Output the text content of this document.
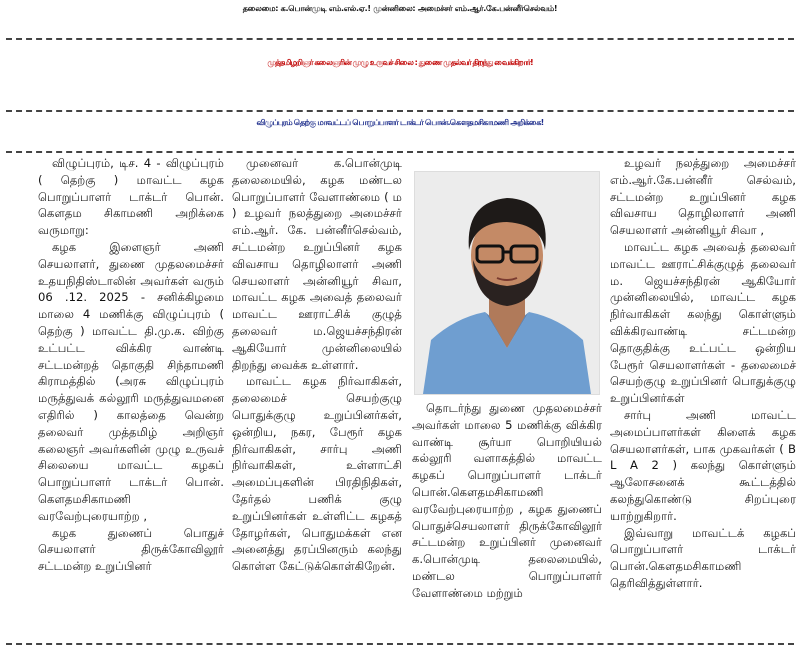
தலைமை: க.பொன்முடி எம்.எல்.ஏ.! முன்னிலை: அமைச்சர் எம்.ஆர்.கே.பன்னீர்செல்வம்!
முத்தமிழறிஞர் கலைஞரின் முழு உருவச் சிலை : துணை முதல்வர் திறந்து வைக்கிறார்!
விழுப்புரம் தெற்கு மாவட்டப் பொறுப்பாளர் டாக்டர் பொன்.கௌதமசிகாமணி அறிக்கை!

விழுப்புரம், டிச. 4 - விழுப்புரம் ( தெற்கு ) மாவட்ட கழக பொறுப்பாளர் டாக்டர் பொன். கௌதம சிகாமணி அறிக்கை வருமாறு:

கழக இளைஞர் அணி செயலாளர், துணை முதலமைச்சர் உதயநிதிஸ்டாலின் அவர்கள் வரும் 06 .12. 2025 - சனிக்கிழமை மாலை 4 மணிக்கு விழுப்புரம் ( தெற்கு ) மாவட்ட தி.மு.க. விற்கு உட்பட்ட விக்கிர வாண்டி சட்டமன்றத் தொகுதி சிந்தாமணி கிராமத்தில் (அரசு விழுப்புரம் மருத்துவக் கல்லூரி மருத்துவமனை எதிரில் ) காலத்தை வென்ற தலைவர் முத்தமிழ் அறிஞர் கலைஞர் அவர்களின் முழு உருவச் சிலையை மாவட்ட கழகப் பொறுப்பாளர் டாக்டர் பொன். கௌதமசிகாமணி வரவேற்புரையாற்ற ,

கழக துணைப் பொதுச் செயலாளர் திருக்கோவிலூர் சட்டமன்ற உறுப்பினர்

முனைவர் க.பொன்முடி தலைமையில், கழக மண்டல பொறுப்பாளர் வேளாண்மை ( ம ) உழவர் நலத்துறை அமைச்சர் எம்.ஆர். கே. பன்னீர்செல்வம், சட்டமன்ற உறுப்பினர் கழக விவசாய தொழிலாளர் அணி செயலாளர் அன்னியூர் சிவா, மாவட்ட கழக அவைத் தலைவர் மாவட்ட ஊராட்சிக் குழுத் தலைவர் ம.ஜெயச்சந்திரன் ஆகியோர் முன்னிலையில் திறந்து வைக்க உள்ளார்.

மாவட்ட கழக நிர்வாகிகள், தலைமைச் செயற்குழு பொதுக்குழு உறுப்பினர்கள், ஒன்றிய, நகர, பேரூர் கழக நிர்வாகிகள், சார்பு அணி நிர்வாகிகள், உள்ளாட்சி அமைப்புகளின் பிரதிநிதிகள், தேர்தல் பணிக் குழு உறுப்பினர்கள் உள்ளிட்ட கழகத் தோழர்கள், பொதுமக்கள் என அனைத்து தரப்பினரும் கலந்து கொள்ள கேட்டுக்கொள்கிறேன்.

தொடர்ந்து துணை முதலமைச்சர் அவர்கள் மாலை 5 மணிக்கு விக்கிர வாண்டி சூர்யா பொறியியல் கல்லூரி வளாகத்தில் மாவட்ட கழகப் பொறுப்பாளர் டாக்டர் பொன்.கௌதமசிகாமணி வரவேற்புரையாற்ற , கழக துணைப் பொதுச்செயலாளர் திருக்கோவிலூர் சட்டமன்ற உறுப்பினர் முனைவர் க.பொன்முடி தலைமையில், மண்டல பொறுப்பாளர் வேளாண்மை மற்றும்

உழவர் நலத்துறை அமைச்சர் எம்.ஆர்.கே.பன்னீர் செல்வம், சட்டமன்ற உறுப்பினர் கழக விவசாய தொழிலாளர் அணி செயலாளர் அன்னியூர் சிவா ,

மாவட்ட கழக அவைத் தலைவர் மாவட்ட ஊராட்சிக்குழுத் தலைவர் ம. ஜெயச்சந்திரன் ஆகியோர் முன்னிலையில், மாவட்ட கழக நிர்வாகிகள் கலந்து கொள்ளும் விக்கிரவாண்டி சட்டமன்ற தொகுதிக்கு உட்பட்ட ஒன்றிய பேரூர் செயலாளர்கள் - தலைமைச் செயற்குழு உறுப்பினர் பொதுக்குழு உறுப்பினர்கள்

சார்பு அணி மாவட்ட அமைப்பாளர்கள் கிளைக் கழக செயலாளர்கள், பாக முகவர்கள் ( B L A 2 ) கலந்து கொள்ளும் ஆலோசனைக் கூட்டத்தில் கலந்துகொண்டு சிறப்புரை யாற்றுகிறார்.

இவ்வாறு மாவட்டக் கழகப் பொறுப்பாளர் டாக்டர் பொன்.கௌதமசிகாமணி தெரிவித்துள்ளார்.
